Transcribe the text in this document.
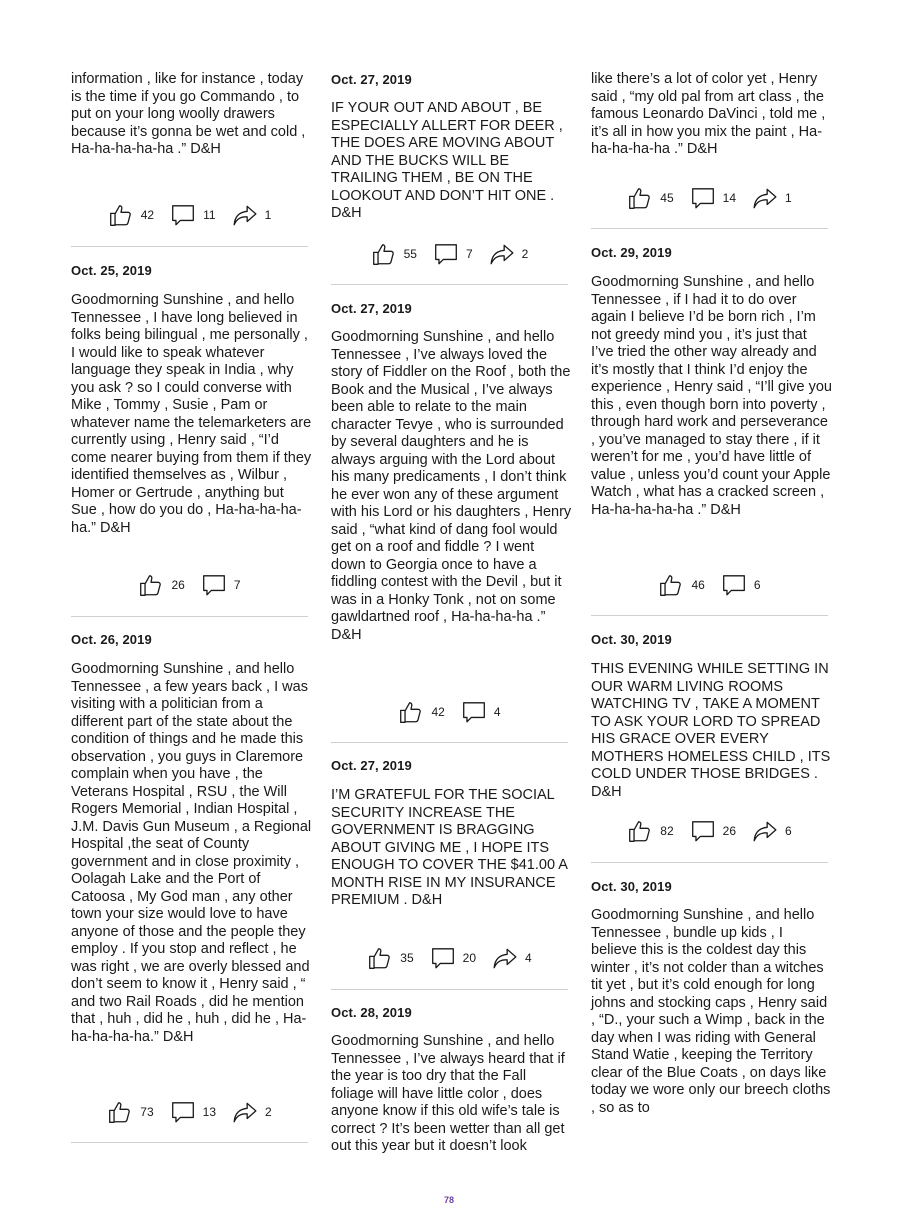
information , like for instance , today is the time if you go Commando , to put on your long woolly drawers because it’s gonna be wet and cold , Ha-ha-ha-ha-ha .” D&H
42	11	1
Oct. 25, 2019
Goodmorning Sunshine , and hello Tennessee , I have long believed in folks being bilingual , me personally , I would like to speak whatever language they speak in India , why you ask ? so I could converse with Mike , Tommy , Susie , Pam or whatever name the telemarketers are currently using , Henry said , “I’d come nearer buying from them if they identified themselves as , Wilbur , Homer or Gertrude , anything but Sue , how do you do , Ha-ha-ha-ha-ha.” D&H
26	7
Oct. 26, 2019
Goodmorning Sunshine , and hello Tennessee , a few years back , I was visiting with a politician from a different part of the state about the condition of things and he made this observation , you guys in Claremore complain when you have , the Veterans Hospital , RSU , the Will Rogers Memorial , Indian Hospital , J.M. Davis Gun Museum , a Regional Hospital ,the seat of County government and in close proximity , Oolagah Lake and the Port of Catoosa , My God man , any other town your size would love to have anyone of those and the people they employ . If you stop and reflect , he was right , we are overly blessed and don’t seem to know it , Henry said , “ and two Rail Roads , did he mention that , huh , did he , huh , did he , Ha-ha-ha-ha-ha.” D&H
73	13	2
Oct. 27, 2019
IF YOUR OUT AND ABOUT , BE ESPECIALLY ALLERT FOR DEER , THE DOES ARE MOVING ABOUT AND THE BUCKS WILL BE TRAILING THEM , BE ON THE LOOKOUT AND DON’T HIT ONE . D&H
55	7	2
Oct. 27, 2019
Goodmorning Sunshine , and hello Tennessee , I’ve always loved the story of Fiddler on the Roof , both the Book and the Musical , I’ve always been able to relate to the main character Tevye , who is surrounded by several daughters and he is always arguing with the Lord about his many predicaments , I don’t think he ever won any of these argument with his Lord or his daughters , Henry said , “what kind of dang fool would get on a roof and fiddle ? I went down to Georgia once to have a fiddling contest with the Devil , but it was in a Honky Tonk , not on some gawldartned roof , Ha-ha-ha-ha .” D&H
42	4
Oct. 27, 2019
I’M GRATEFUL FOR THE SOCIAL SECURITY INCREASE THE GOVERNMENT IS BRAGGING ABOUT GIVING ME , I HOPE ITS ENOUGH TO COVER THE $41.00 A MONTH RISE IN MY INSURANCE PREMIUM . D&H
35	20	4
Oct. 28, 2019
Goodmorning Sunshine , and hello Tennessee , I’ve always heard that if the year is too dry that the Fall foliage will have little color , does anyone know if this old wife’s tale is correct ? It’s been wetter than all get out this year but it doesn’t look
like there’s a lot of color yet , Henry said , “my old pal from art class , the famous Leonardo DaVinci , told me , it’s all in how you mix the paint , Ha-ha-ha-ha-ha .” D&H
45	14	1
Oct. 29, 2019
Goodmorning Sunshine , and hello Tennessee , if I had it to do over again I believe I’d be born rich , I’m not greedy mind you , it’s just that I’ve tried the other way already and it’s mostly that I think I’d enjoy the experience , Henry said , “I’ll give you this , even though born into poverty , through hard work and perseverance , you’ve managed to stay there , if it weren’t for me , you’d have little of value , unless you’d count your Apple Watch , what has a cracked screen , Ha-ha-ha-ha-ha .” D&H
46	6
Oct. 30, 2019
THIS EVENING WHILE SETTING IN OUR WARM LIVING ROOMS WATCHING TV , TAKE A MOMENT TO ASK YOUR LORD TO SPREAD HIS GRACE OVER EVERY MOTHERS HOMELESS CHILD , ITS COLD UNDER THOSE BRIDGES . D&H
82	26	6
Oct. 30, 2019
Goodmorning Sunshine , and hello Tennessee , bundle up kids , I believe this is the coldest day this winter , it’s not colder than a witches tit yet , but it’s cold enough for long johns and stocking caps , Henry said , “D., your such a Wimp , back in the day when I was riding with General Stand Watie , keeping the Territory clear of the Blue Coats , on days like today we wore only our breech cloths , so as to
78
